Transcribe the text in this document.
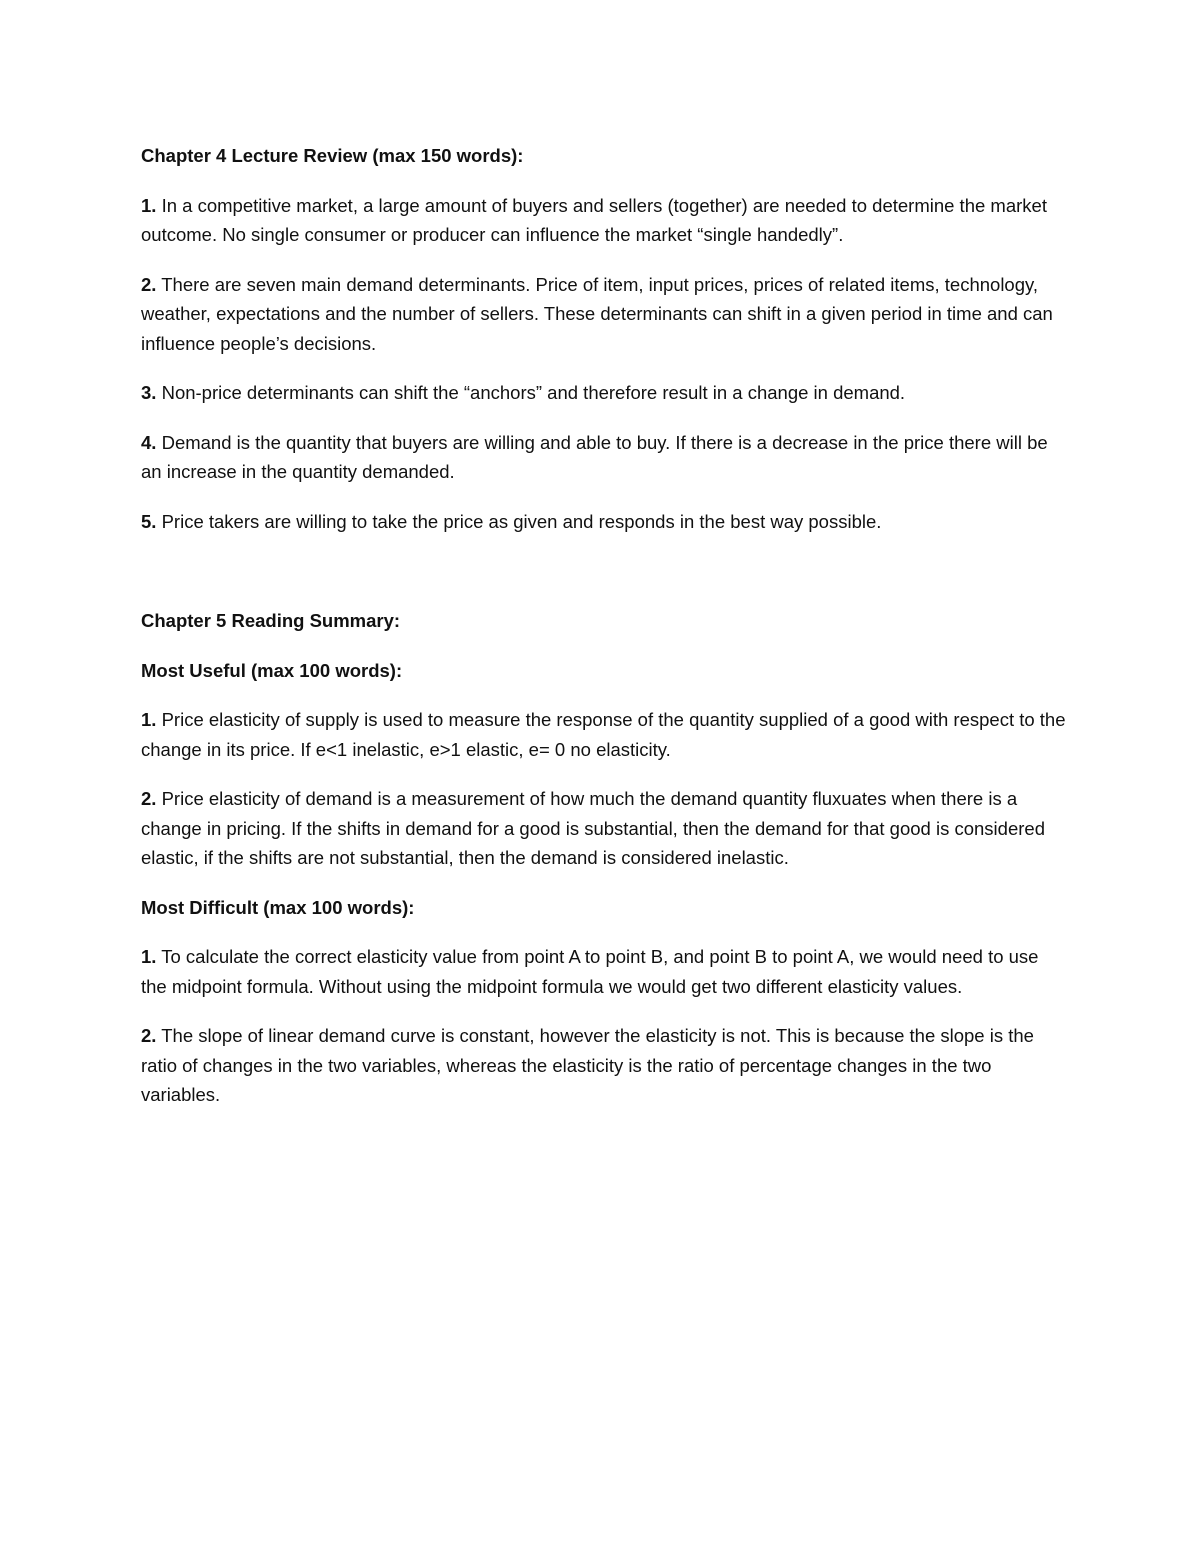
Chapter 4 Lecture Review (max 150 words):

1. In a competitive market, a large amount of buyers and sellers (together) are needed to determine the market outcome. No single consumer or producer can influence the market “single handedly”.

2. There are seven main demand determinants. Price of item, input prices, prices of related items, technology, weather, expectations and the number of sellers. These determinants can shift in a given period in time and can influence people’s decisions.

3. Non-price determinants can shift the “anchors” and therefore result in a change in demand.

4. Demand is the quantity that buyers are willing and able to buy. If there is a decrease in the price there will be an increase in the quantity demanded.

5. Price takers are willing to take the price as given and responds in the best way possible.

Chapter 5 Reading Summary:

Most Useful (max 100 words):

1. Price elasticity of supply is used to measure the response of the quantity supplied of a good with respect to the change in its price. If e<1 inelastic, e>1 elastic, e= 0 no elasticity.

2. Price elasticity of demand is a measurement of how much the demand quantity fluxuates when there is a change in pricing. If the shifts in demand for a good is substantial, then the demand for that good is considered elastic, if the shifts are not substantial, then the demand is considered inelastic.

Most Difficult (max 100 words):

1. To calculate the correct elasticity value from point A to point B, and point B to point A, we would need to use the midpoint formula. Without using the midpoint formula we would get two different elasticity values.

2. The slope of linear demand curve is constant, however the elasticity is not. This is because the slope is the ratio of changes in the two variables, whereas the elasticity is the ratio of percentage changes in the two variables.
